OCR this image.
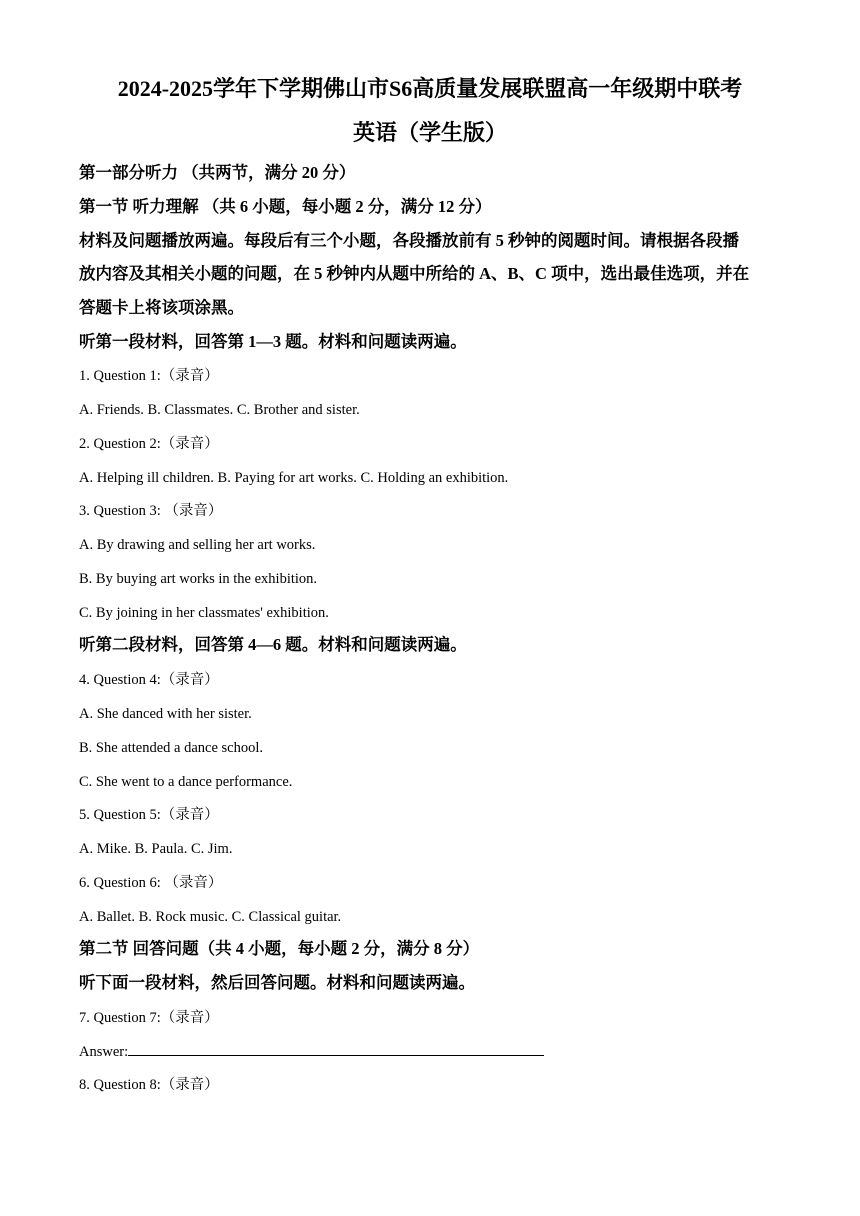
2024-2025学年下学期佛山市S6高质量发展联盟高一年级期中联考
英语（学生版）
第一部分听力 （共两节，满分 20 分）
第一节 听力理解 （共 6 小题，每小题 2 分，满分 12 分）
材料及问题播放两遍。每段后有三个小题，各段播放前有 5 秒钟的阅题时间。请根据各段播
放内容及其相关小题的问题，在 5 秒钟内从题中所给的 A、B、C 项中，选出最佳选项，并在
答题卡上将该项涂黑。
听第一段材料，回答第 1—3 题。材料和问题读两遍。
1. Question 1:（录音）
A. Friends. B. Classmates. C. Brother and sister.
2. Question 2:（录音）
A. Helping ill children. B. Paying for art works. C. Holding an exhibition.
3. Question 3: （录音）
A. By drawing and selling her art works.
B. By buying art works in the exhibition.
C. By joining in her classmates' exhibition.
听第二段材料，回答第 4—6 题。材料和问题读两遍。
4. Question 4:（录音）
A. She danced with her sister.
B. She attended a dance school.
C. She went to a dance performance.
5. Question 5:（录音）
A. Mike. B. Paula. C. Jim.
6. Question 6: （录音）
A. Ballet. B. Rock music. C. Classical guitar.
第二节 回答问题（共 4 小题，每小题 2 分，满分 8 分）
听下面一段材料，然后回答问题。材料和问题读两遍。
7. Question 7:（录音）
Answer:
8. Question 8:（录音）
